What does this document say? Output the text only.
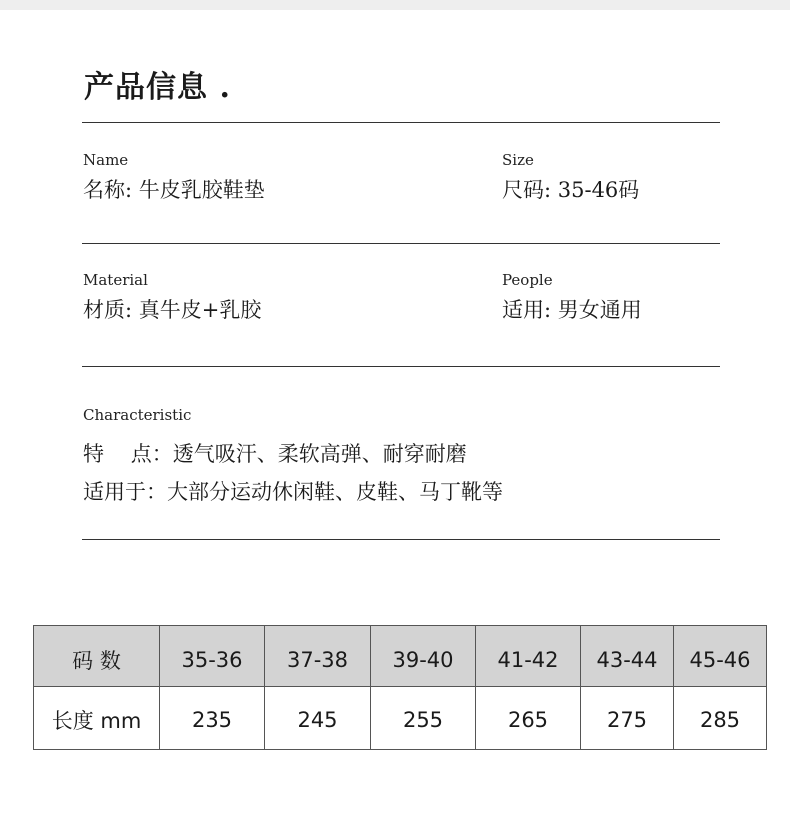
产品信息 .
Name
名称: 牛皮乳胶鞋垫
Size
尺码: 35-46码
Material
材质: 真牛皮+乳胶
People
适用: 男女通用
Characteristic
特    点：透气吸汗、柔软高弹、耐穿耐磨
适用于：大部分运动休闲鞋、皮鞋、马丁靴等
码 数	35-36	37-38	39-40	41-42	43-44	45-46
长度 mm	235	245	255	265	275	285
